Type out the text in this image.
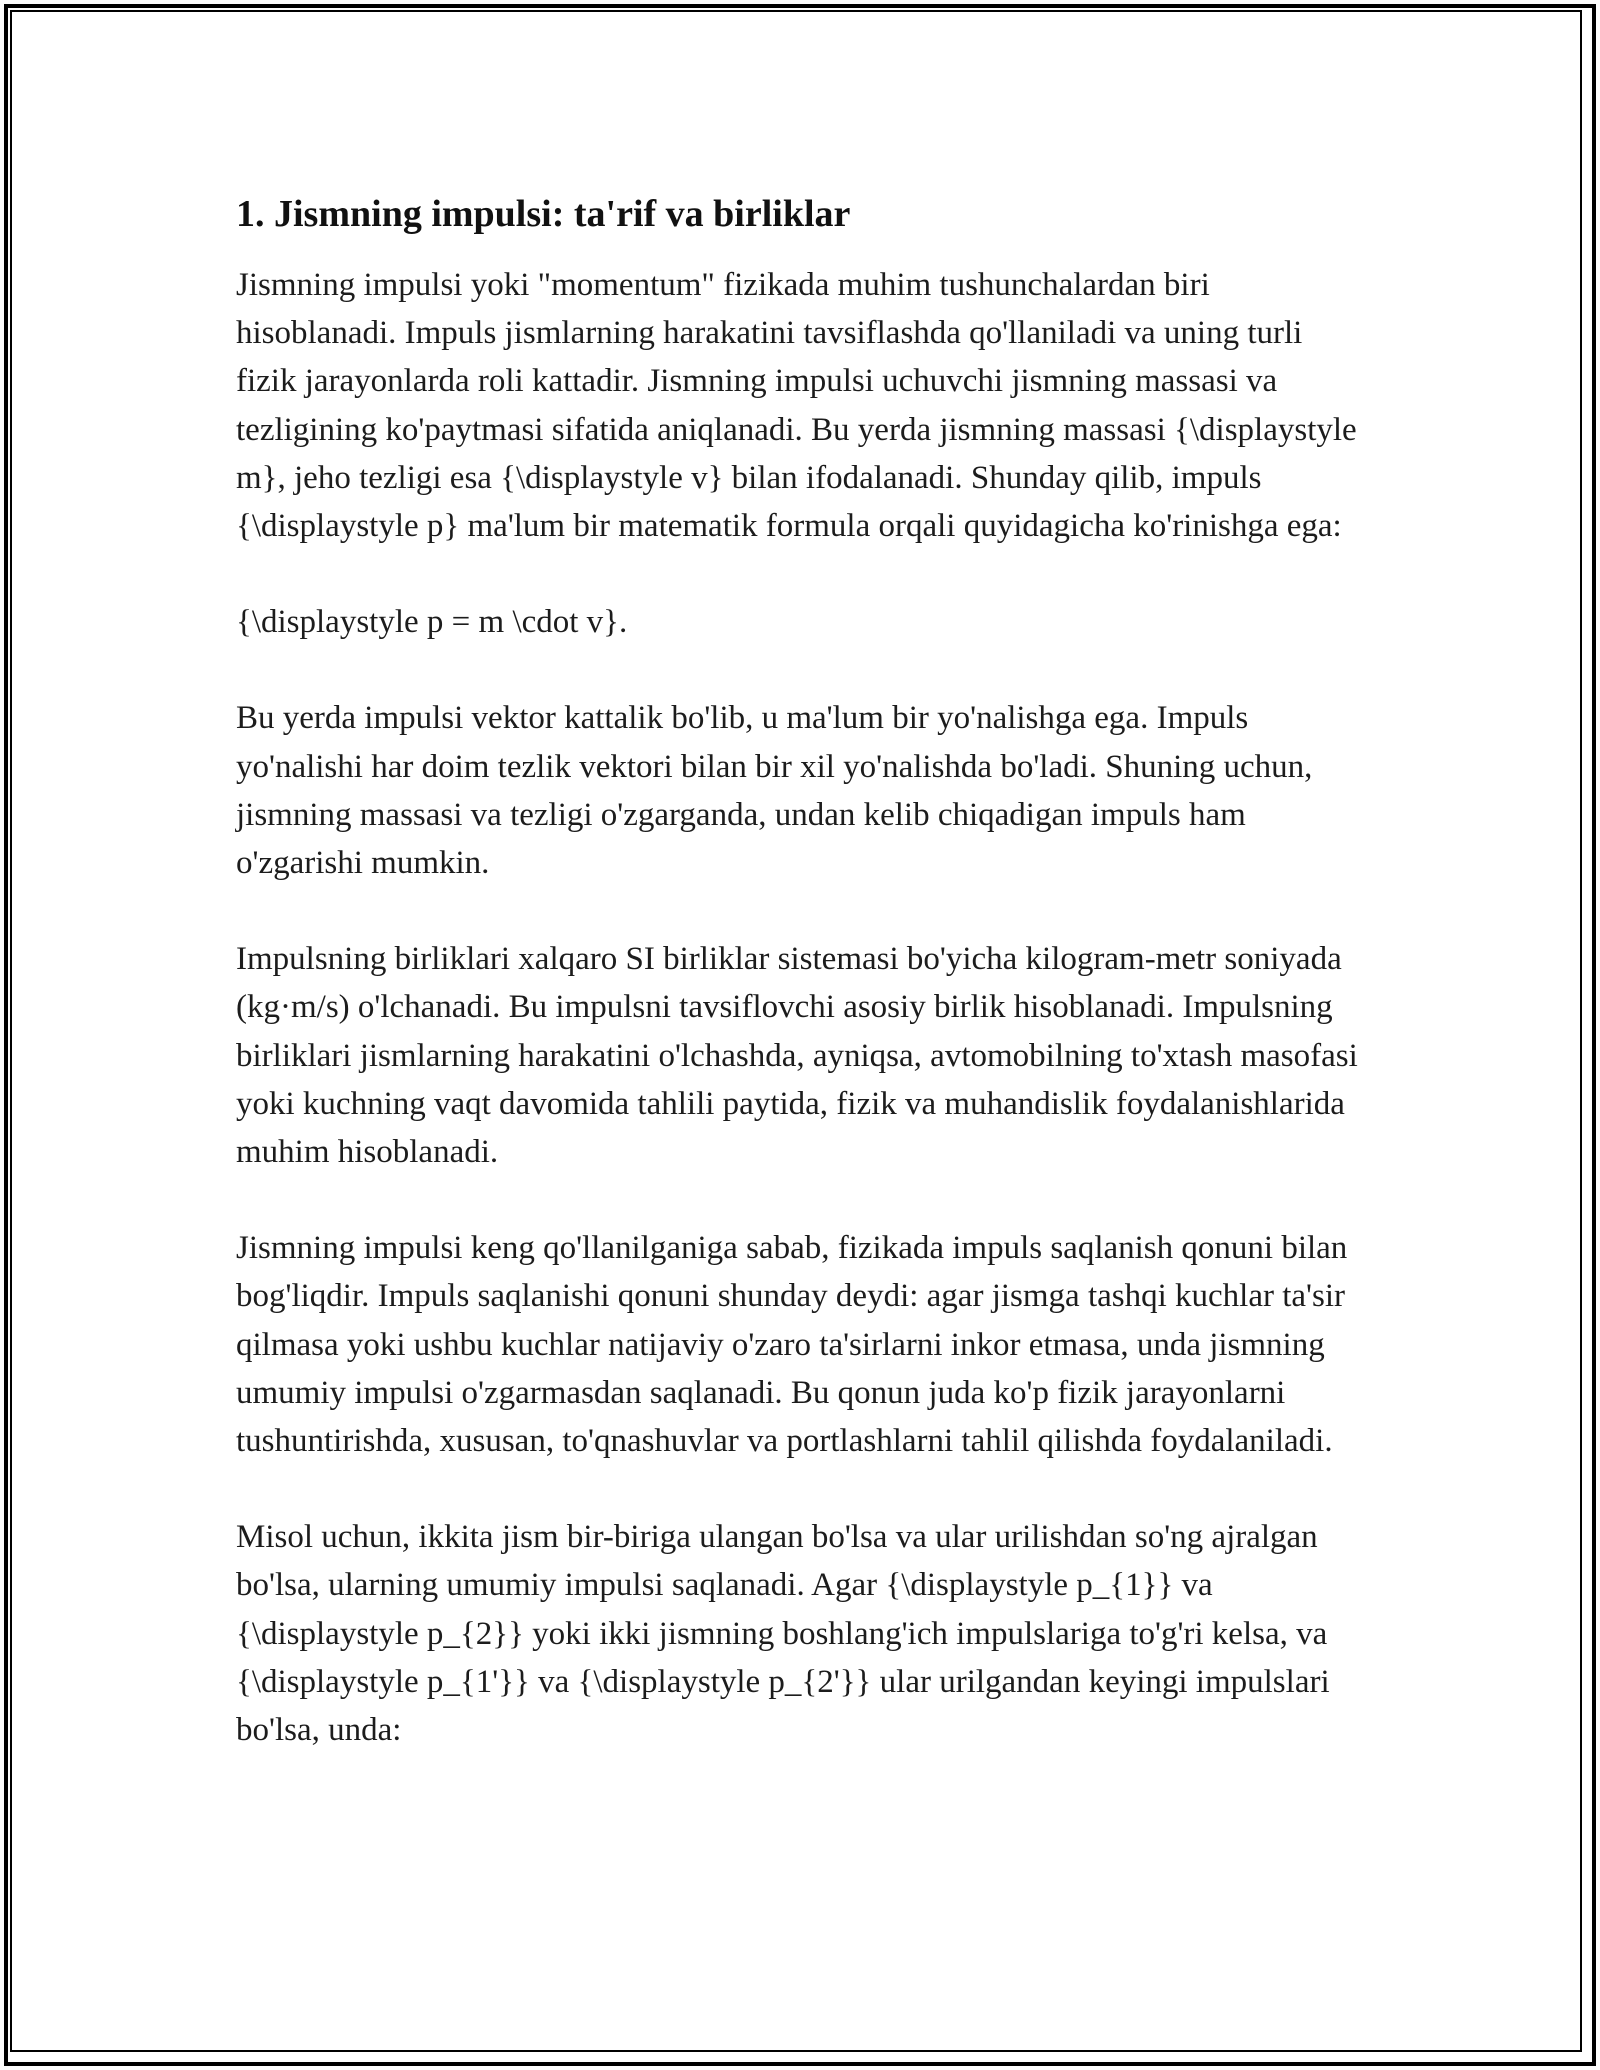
1. Jismning impulsi: ta'rif va birliklar

Jismning impulsi yoki "momentum" fizikada muhim tushunchalardan biri hisoblanadi. Impuls jismlarning harakatini tavsiflashda qo'llaniladi va uning turli fizik jarayonlarda roli kattadir. Jismning impulsi uchuvchi jismning massasi va tezligining ko'paytmasi sifatida aniqlanadi. Bu yerda jismning massasi {\displaystyle m}, jeho tezligi esa {\displaystyle v} bilan ifodalanadi. Shunday qilib, impuls {\displaystyle p} ma'lum bir matematik formula orqali quyidagicha ko'rinishga ega:

{\displaystyle p = m \cdot v}.

Bu yerda impulsi vektor kattalik bo'lib, u ma'lum bir yo'nalishga ega. Impuls yo'nalishi har doim tezlik vektori bilan bir xil yo'nalishda bo'ladi. Shuning uchun, jismning massasi va tezligi o'zgarganda, undan kelib chiqadigan impuls ham o'zgarishi mumkin.

Impulsning birliklari xalqaro SI birliklar sistemasi bo'yicha kilogram-metr soniyada (kg·m/s) o'lchanadi. Bu impulsni tavsiflovchi asosiy birlik hisoblanadi. Impulsning birliklari jismlarning harakatini o'lchashda, ayniqsa, avtomobilning to'xtash masofasi yoki kuchning vaqt davomida tahlili paytida, fizik va muhandislik foydalanishlarida muhim hisoblanadi.

Jismning impulsi keng qo'llanilganiga sabab, fizikada impuls saqlanish qonuni bilan bog'liqdir. Impuls saqlanishi qonuni shunday deydi: agar jismga tashqi kuchlar ta'sir qilmasa yoki ushbu kuchlar natijaviy o'zaro ta'sirlarni inkor etmasa, unda jismning umumiy impulsi o'zgarmasdan saqlanadi. Bu qonun juda ko'p fizik jarayonlarni tushuntirishda, xususan, to'qnashuvlar va portlashlarni tahlil qilishda foydalaniladi.

Misol uchun, ikkita jism bir-biriga ulangan bo'lsa va ular urilishdan so'ng ajralgan bo'lsa, ularning umumiy impulsi saqlanadi. Agar {\displaystyle p_{1}} va {\displaystyle p_{2}} yoki ikki jismning boshlang'ich impulslariga to'g'ri kelsa, va {\displaystyle p_{1'}} va {\displaystyle p_{2'}} ular urilgandan keyingi impulslari bo'lsa, unda:
